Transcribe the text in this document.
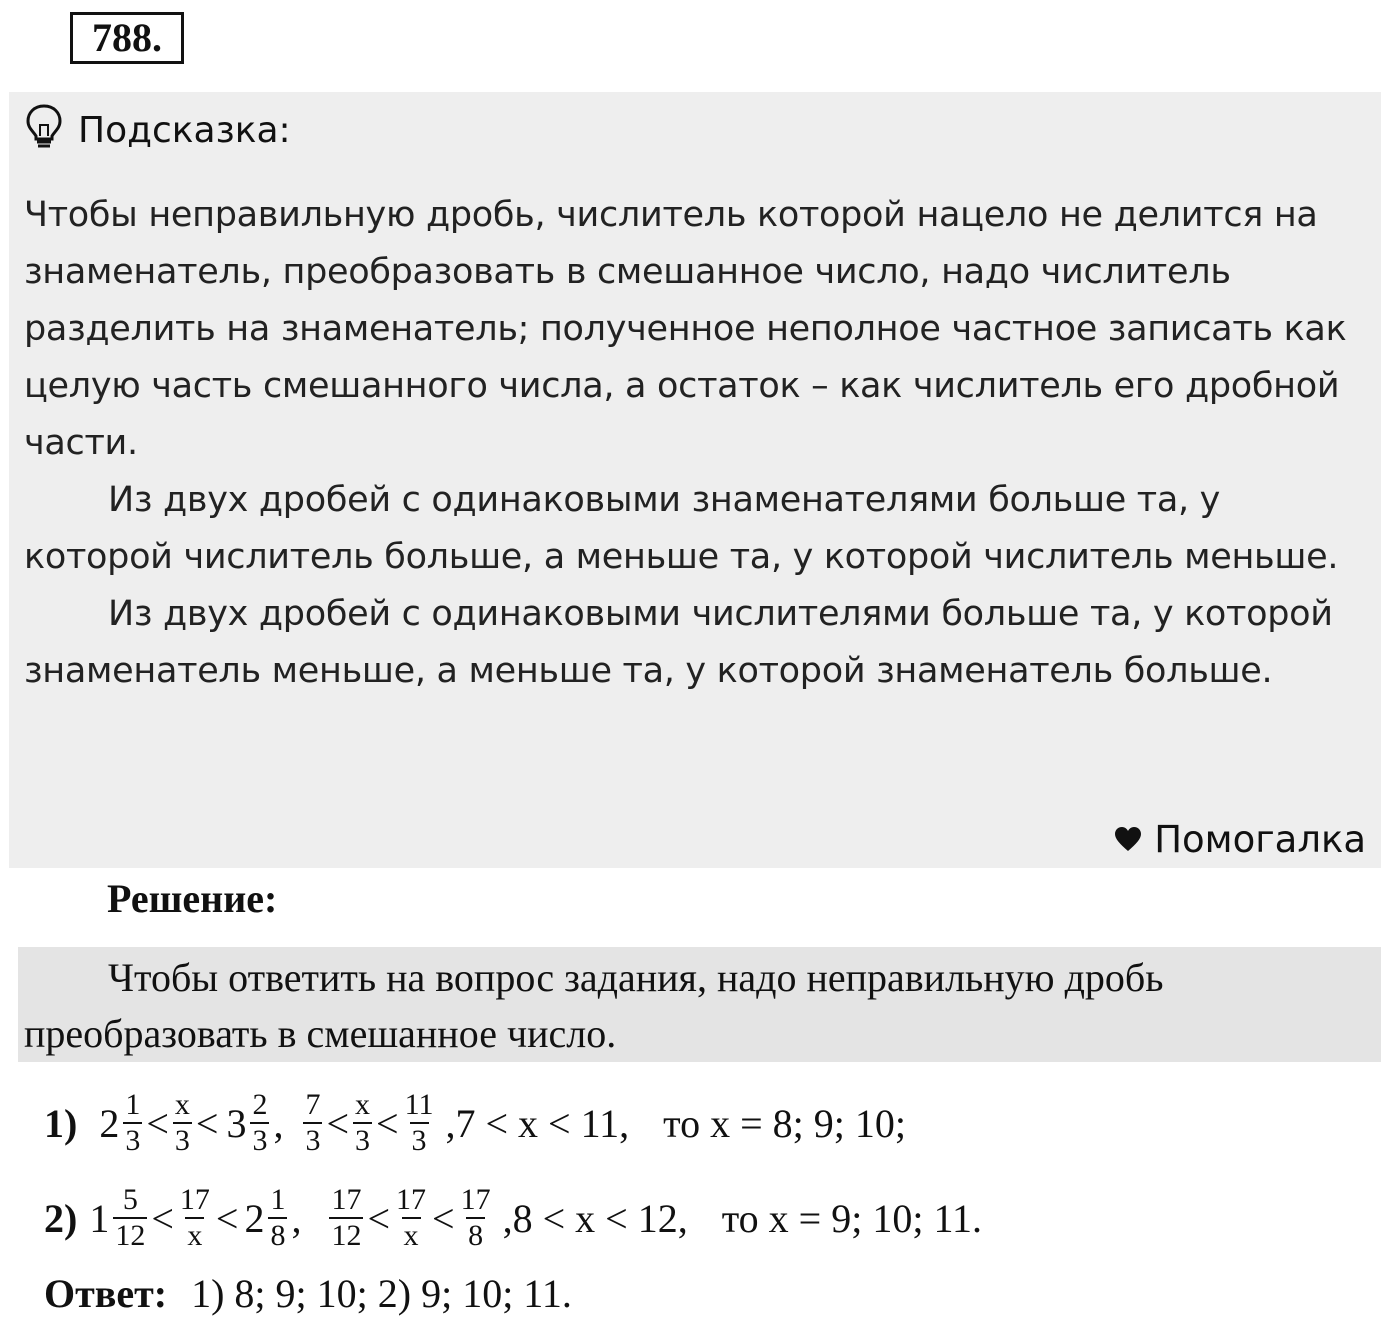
788.
Подсказка:

Чтобы неправильную дробь, числитель которой нацело не делится на знаменатель, преобразовать в смешанное число, надо числитель разделить на знаменатель; полученное неполное частное записать как целую часть смешанного числа, а остаток – как числитель его дробной части.

Из двух дробей с одинаковыми знаменателями больше та, у которой числитель больше, а меньше та, у которой числитель меньше.

Из двух дробей с одинаковыми числителями больше та, у которой знаменатель меньше, а меньше та, у которой знаменатель больше.

Помогалка
Решение:
Чтобы ответить на вопрос задания, надо неправильную дробь преобразовать в смешанное число.
1) $2 \frac{1}{3} < \frac{x}{3} < 3 \frac{2}{3}$ , $\frac{7}{3} < \frac{x}{3} < \frac{11}{3} ,7 < x < 11$, то x = 8; 9; 10;
2) $1 \frac{5}{12} < \frac{17}{x} < 2 \frac{1}{8}$ , $\frac{17}{12} < \frac{17}{x} < \frac{17}{8} ,8 < x < 12$, то x = 9; 10; 11.
Ответ: 1) 8; 9; 10; 2) 9; 10; 11.
